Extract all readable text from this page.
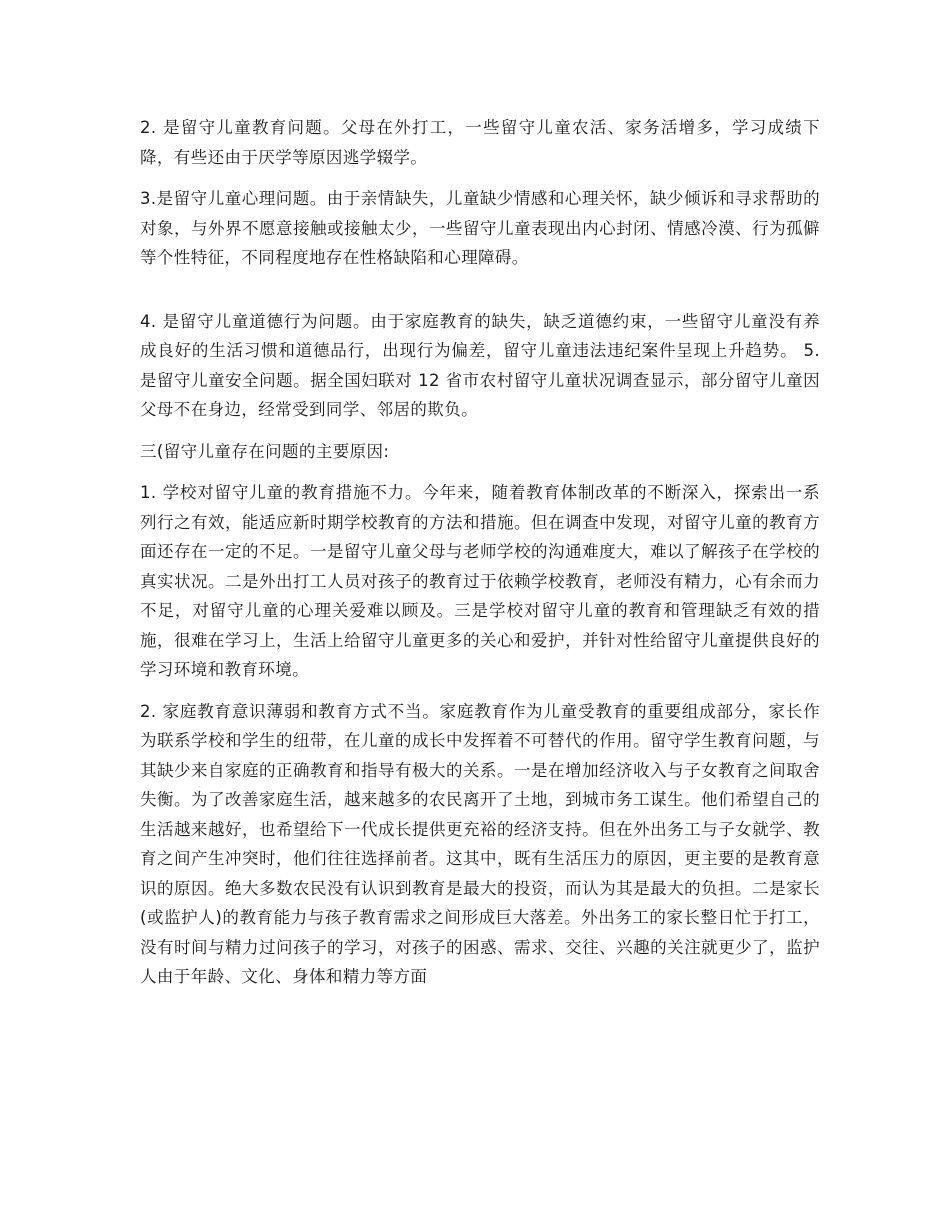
2. 是留守儿童教育问题。父母在外打工，一些留守儿童农活、家务活增多，学习成绩下降，有些还由于厌学等原因逃学辍学。

3.是留守儿童心理问题。由于亲情缺失，儿童缺少情感和心理关怀，缺少倾诉和寻求帮助的对象，与外界不愿意接触或接触太少，一些留守儿童表现出内心封闭、情感冷漠、行为孤僻等个性特征，不同程度地存在性格缺陷和心理障碍。

4. 是留守儿童道德行为问题。由于家庭教育的缺失，缺乏道德约束，一些留守儿童没有养成良好的生活习惯和道德品行，出现行为偏差，留守儿童违法违纪案件呈现上升趋势。 5. 是留守儿童安全问题。据全国妇联对 12 省市农村留守儿童状况调查显示，部分留守儿童因父母不在身边，经常受到同学、邻居的欺负。

三(留守儿童存在问题的主要原因:

1. 学校对留守儿童的教育措施不力。今年来，随着教育体制改革的不断深入，探索出一系列行之有效，能适应新时期学校教育的方法和措施。但在调查中发现，对留守儿童的教育方面还存在一定的不足。一是留守儿童父母与老师学校的沟通难度大，难以了解孩子在学校的真实状况。二是外出打工人员对孩子的教育过于依赖学校教育，老师没有精力，心有余而力不足，对留守儿童的心理关爱难以顾及。三是学校对留守儿童的教育和管理缺乏有效的措施，很难在学习上，生活上给留守儿童更多的关心和爱护，并针对性给留守儿童提供良好的学习环境和教育环境。

2. 家庭教育意识薄弱和教育方式不当。家庭教育作为儿童受教育的重要组成部分，家长作为联系学校和学生的纽带，在儿童的成长中发挥着不可替代的作用。留守学生教育问题，与其缺少来自家庭的正确教育和指导有极大的关系。一是在增加经济收入与子女教育之间取舍失衡。为了改善家庭生活，越来越多的农民离开了土地，到城市务工谋生。他们希望自己的生活越来越好，也希望给下一代成长提供更充裕的经济支持。但在外出务工与子女就学、教育之间产生冲突时，他们往往选择前者。这其中，既有生活压力的原因，更主要的是教育意识的原因。绝大多数农民没有认识到教育是最大的投资，而认为其是最大的负担。二是家长(或监护人)的教育能力与孩子教育需求之间形成巨大落差。外出务工的家长整日忙于打工，没有时间与精力过问孩子的学习，对孩子的困惑、需求、交往、兴趣的关注就更少了，监护人由于年龄、文化、身体和精力等方面
